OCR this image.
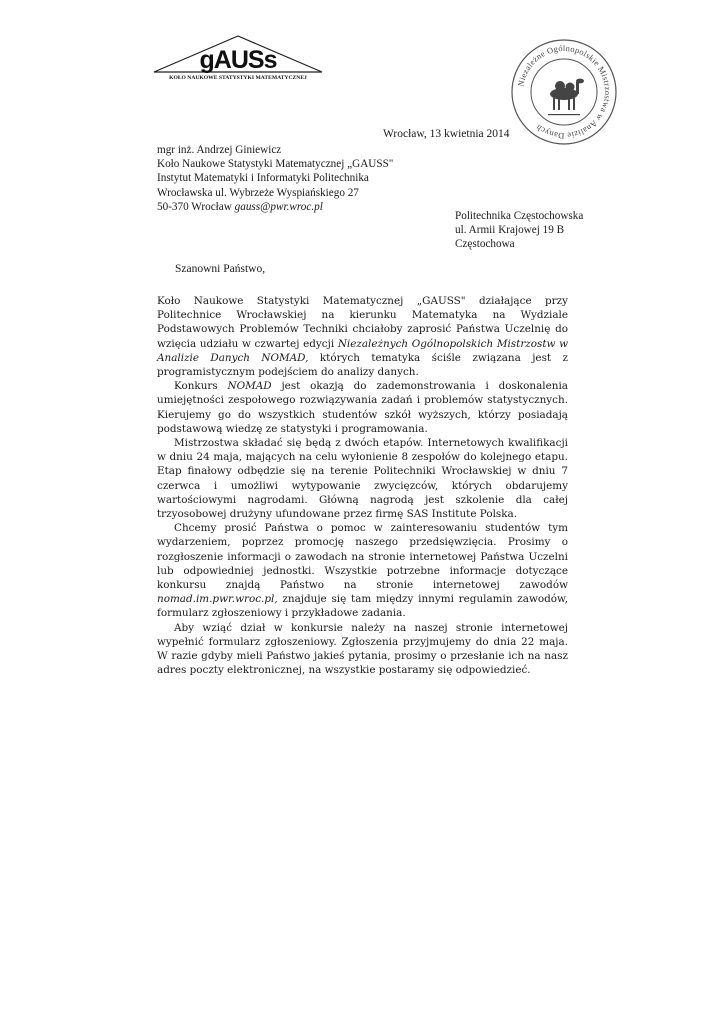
gAUSs
KOŁO NAUKOWE STATYSTYKI MATEMATYCZNEJ
Niezależne Ogólnopolskie Mistrzostwa w Analizie Danych
Wrocław, 13 kwietnia 2014
mgr inż. Andrzej Giniewicz
Koło Naukowe Statystyki Matematycznej „GAUSS"
Instytut Matematyki i Informatyki Politechnika
Wrocławska ul. Wybrzeże Wyspiańskiego 27
50-370 Wrocław gauss@pwr.wroc.pl
Politechnika Częstochowska
ul. Armii Krajowej 19 B
Częstochowa
Szanowni Państwo,

Koło Naukowe Statystyki Matematycznej „GAUSS" działające przy Politechnice Wrocławskiej na kierunku Matematyka na Wydziale Podstawowych Problemów Techniki chciałoby zaprosić Państwa Uczelnię do wzięcia udziału w czwartej edycji Niezależnych Ogólnopolskich Mistrzostw w Analizie Danych NOMAD, których tematyka ściśle związana jest z programistycznym podejściem do analizy danych.

Konkurs NOMAD jest okazją do zademonstrowania i doskonalenia umiejętności zespołowego rozwiązywania zadań i problemów statystycznych. Kierujemy go do wszystkich studentów szkół wyższych, którzy posiadają podstawową wiedzę ze statystyki i programowania.

Mistrzostwa składać się będą z dwóch etapów. Internetowych kwalifikacji w dniu 24 maja, mających na celu wyłonienie 8 zespołów do kolejnego etapu. Etap finałowy odbędzie się na terenie Politechniki Wrocławskiej w dniu 7 czerwca i umożliwi wytypowanie zwycięzców, których obdarujemy wartościowymi nagrodami. Główną nagrodą jest szkolenie dla całej trzyosobowej drużyny ufundowane przez firmę SAS Institute Polska.

Chcemy prosić Państwa o pomoc w zainteresowaniu studentów tym wydarzeniem, poprzez promocję naszego przedsięwzięcia. Prosimy o rozgłoszenie informacji o zawodach na stronie internetowej Państwa Uczelni lub odpowiedniej jednostki. Wszystkie potrzebne informacje dotyczące konkursu znajdą Państwo na stronie internetowej zawodów nomad.im.pwr.wroc.pl, znajduje się tam między innymi regulamin zawodów, formularz zgłoszeniowy i przykładowe zadania.

Aby wziąć dział w konkursie należy na naszej stronie internetowej wypełnić formularz zgłoszeniowy. Zgłoszenia przyjmujemy do dnia 22 maja. W razie gdyby mieli Państwo jakieś pytania, prosimy o przesłanie ich na nasz adres poczty elektronicznej, na wszystkie postaramy się odpowiedzieć.
